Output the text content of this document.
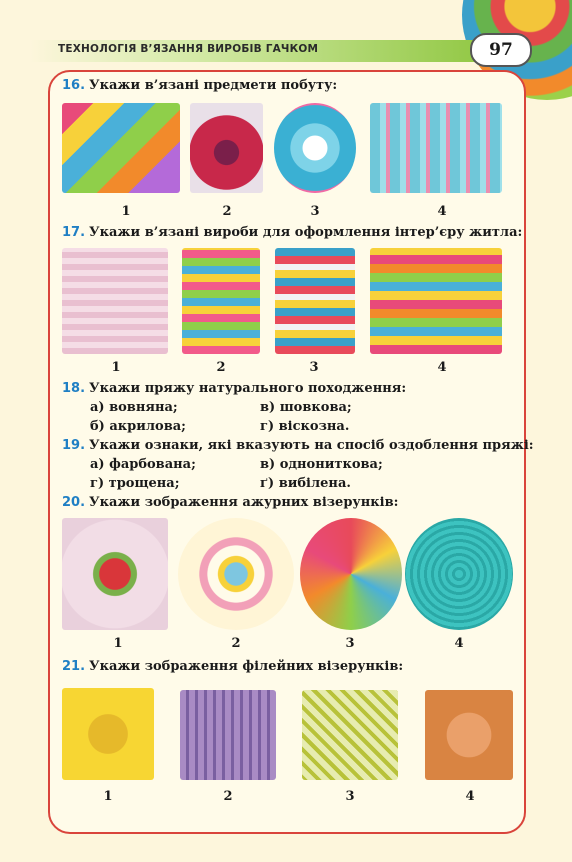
ТЕХНОЛОГІЯ В’ЯЗАННЯ ВИРОБІВ ГАЧКОМ	97
16. Укажи в’язані предмети побуту:
1	2	3	4
17. Укажи в’язані вироби для оформлення інтер’єру житла:
1	2	3	4
18. Укажи пряжу натурального походження:
а) вовняна;	в) шовкова;
б) акрилова;	г) віскозна.
19. Укажи ознаки, які вказують на спосіб оздоблення пряжі:
а) фарбована;	в) однониткова;
г) трощена;	ґ) вибілена.
20. Укажи зображення ажурних візерунків:
1	2	3	4
21. Укажи зображення філейних візерунків:
1	2	3	4
